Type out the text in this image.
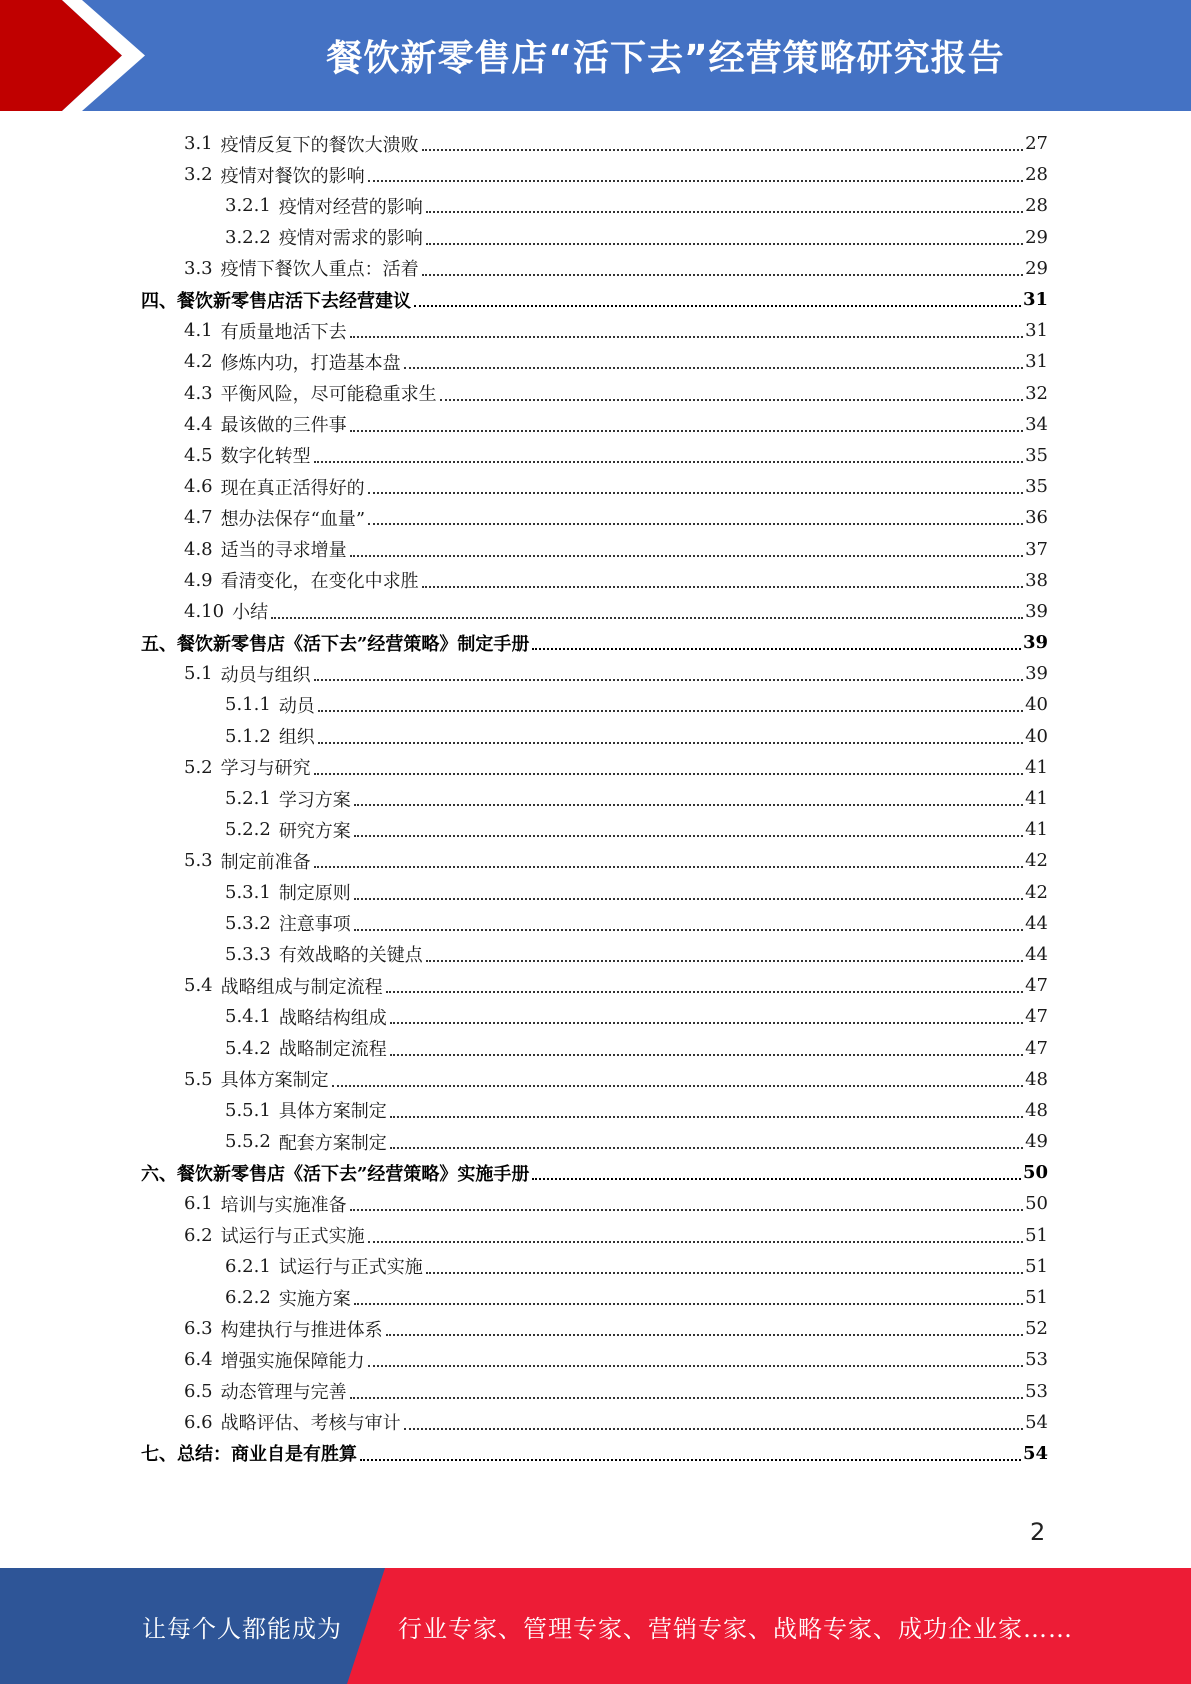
餐饮新零售店“活下去”经营策略研究报告
3.1 疫情反复下的餐饮大溃败	27
3.2 疫情对餐饮的影响	28
3.2.1 疫情对经营的影响	28
3.2.2 疫情对需求的影响	29
3.3 疫情下餐饮人重点：活着	29
四、餐饮新零售店活下去经营建议	31
4.1 有质量地活下去	31
4.2 修炼内功，打造基本盘	31
4.3 平衡风险，尽可能稳重求生	32
4.4 最该做的三件事	34
4.5 数字化转型	35
4.6 现在真正活得好的	35
4.7 想办法保存“血量”	36
4.8 适当的寻求增量	37
4.9 看清变化，在变化中求胜	38
4.10 小结	39
五、餐饮新零售店《活下去”经营策略》制定手册	39
5.1 动员与组织	39
5.1.1 动员	40
5.1.2 组织	40
5.2 学习与研究	41
5.2.1 学习方案	41
5.2.2 研究方案	41
5.3 制定前准备	42
5.3.1 制定原则	42
5.3.2 注意事项	44
5.3.3 有效战略的关键点	44
5.4 战略组成与制定流程	47
5.4.1 战略结构组成	47
5.4.2 战略制定流程	47
5.5 具体方案制定	48
5.5.1 具体方案制定	48
5.5.2 配套方案制定	49
六、餐饮新零售店《活下去”经营策略》实施手册	50
6.1 培训与实施准备	50
6.2 试运行与正式实施	51
6.2.1 试运行与正式实施	51
6.2.2 实施方案	51
6.3 构建执行与推进体系	52
6.4 增强实施保障能力	53
6.5 动态管理与完善	53
6.6 战略评估、考核与审计	54
七、总结：商业自是有胜算	54
2
让每个人都能成为 行业专家、管理专家、营销专家、战略专家、成功企业家……
